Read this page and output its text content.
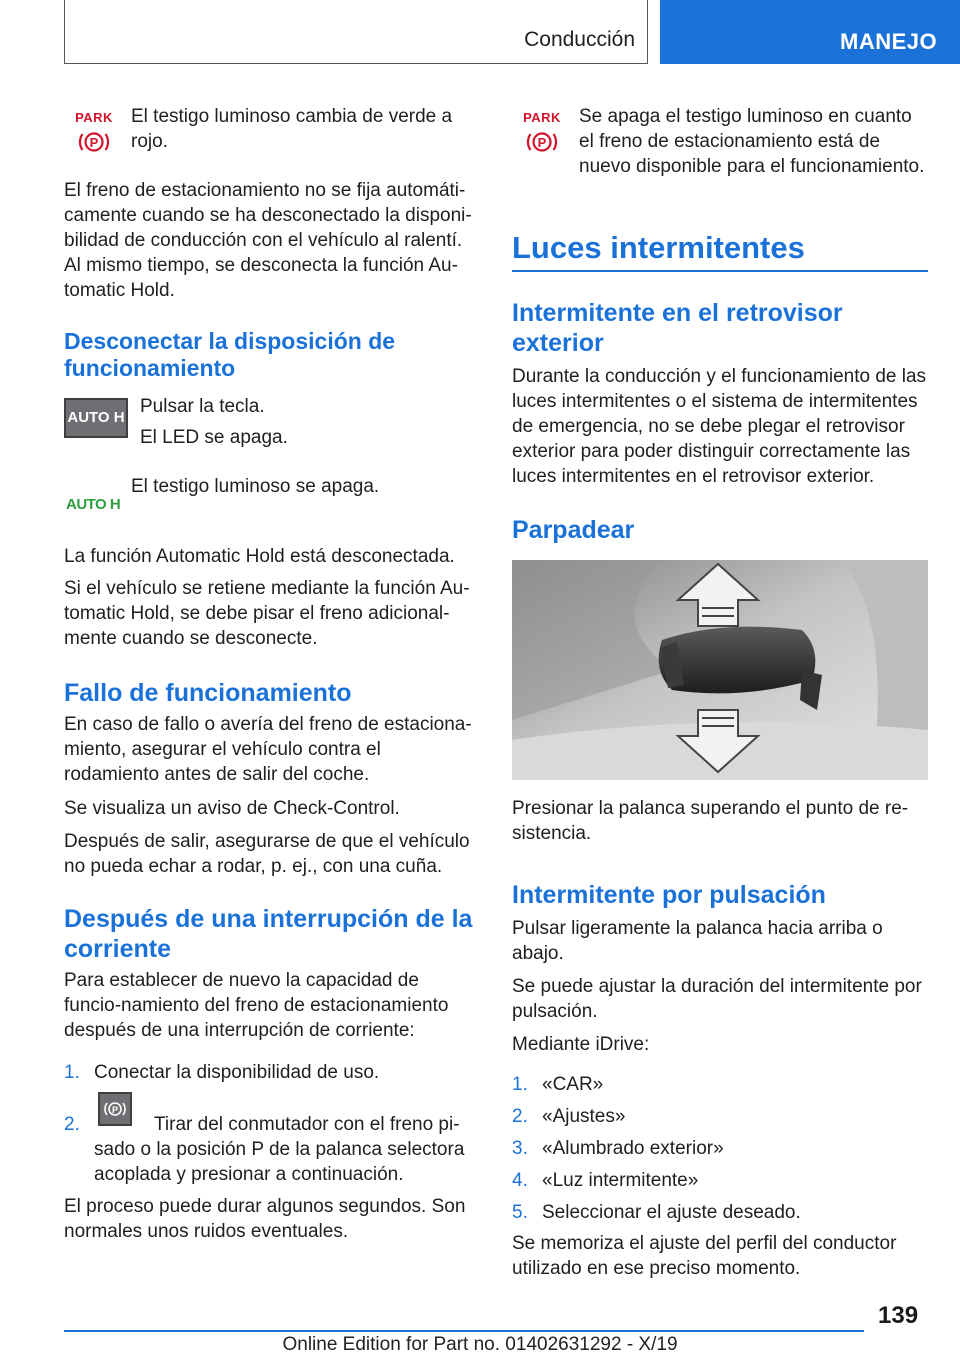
Conducción	MANEJO
PARK
P

El testigo luminoso cambia de verde a rojo.

El freno de estacionamiento no se fija automáti-camente cuando se ha desconectado la disponi-bilidad de conducción con el vehículo al ralentí. Al mismo tiempo, se desconecta la función Au-tomatic Hold.

Desconectar la disposición de funcionamiento
AUTO H

Pulsar la tecla.

El LED se apaga.

AUTO H

El testigo luminoso se apaga.

La función Automatic Hold está desconectada.

Si el vehículo se retiene mediante la función Au-tomatic Hold, se debe pisar el freno adicional-mente cuando se desconecte.

Fallo de funcionamiento

En caso de fallo o avería del freno de estaciona-miento, asegurar el vehículo contra el rodamiento antes de salir del coche.

Se visualiza un aviso de Check-Control.

Después de salir, asegurarse de que el vehículo no pueda echar a rodar, p. ej., con una cuña.

Después de una interrupción de la corriente

Para establecer de nuevo la capacidad de funcio-namiento del freno de estacionamiento después de una interrupción de corriente:

1. Conectar la disponibilidad de uso.

2.
P

Tirar del conmutador con el freno pi-sado o la posición P de la palanca selectora acoplada y presionar a continuación.

El proceso puede durar algunos segundos. Son normales unos ruidos eventuales.

PARK
P

Se apaga el testigo luminoso en cuanto el freno de estacionamiento está de nuevo disponible para el funcionamiento.

Luces intermitentes
Intermitente en el retrovisor exterior

Durante la conducción y el funcionamiento de las luces intermitentes o el sistema de intermitentes de emergencia, no se debe plegar el retrovisor exterior para poder distinguir correctamente las luces intermitentes en el retrovisor exterior.

Parpadear

Presionar la palanca superando el punto de re-sistencia.

Intermitente por pulsación

Pulsar ligeramente la palanca hacia arriba o abajo.

Se puede ajustar la duración del intermitente por pulsación.

Mediante iDrive:

1. «CAR»

2. «Ajustes»

3. «Alumbrado exterior»

4. «Luz intermitente»

5. Seleccionar el ajuste deseado.

Se memoriza el ajuste del perfil del conductor utilizado en ese preciso momento.

139
Online Edition for Part no. 01402631292 - X/19
